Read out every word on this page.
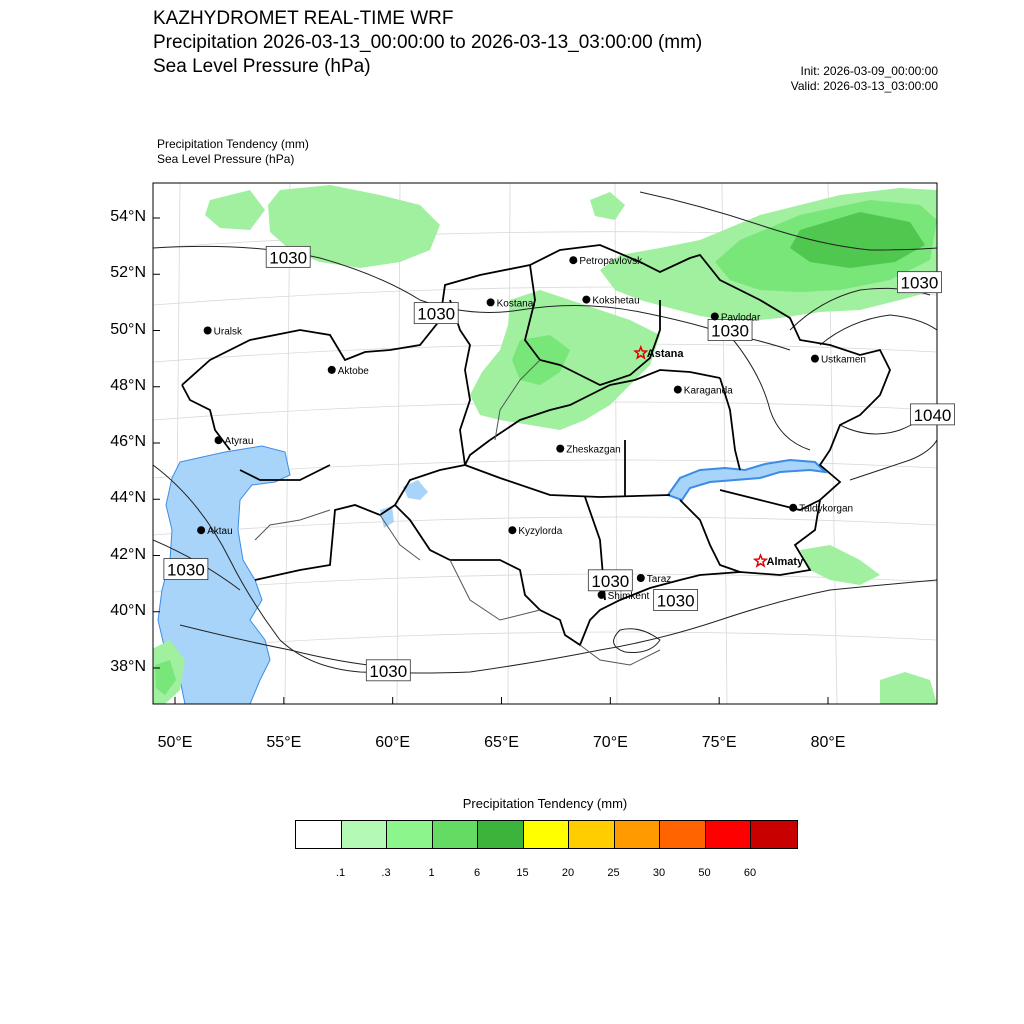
KAZHYDROMET REAL-TIME WRF
Precipitation 2026-03-13_00:00:00 to 2026-03-13_03:00:00 (mm)
Sea Level Pressure (hPa)	Init: 2026-03-09_00:00:00
Valid: 2026-03-13_03:00:00
Precipitation Tendency (mm)
Sea Level Pressure (hPa)
1030
1030
1030
1030
1040
1030
1030
1030
1030
Petropavlovsk
Kostanai	Kokshetau
Uralsk
Pavlodar
Astana
Ustkamen
Aktobe
Karaganda
Atyrau
Zheskazgan
Aktau	Kyzylorda
Taldykorgan
Almaty
Taraz
Shimkent
54°N
52°N
50°N
48°N
46°N
44°N
42°N
40°N
38°N
50°E	55°E	60°E	65°E	70°E	75°E	80°E
Precipitation Tendency (mm)
.1	.3	1	6	15	20	25	30	50	60
